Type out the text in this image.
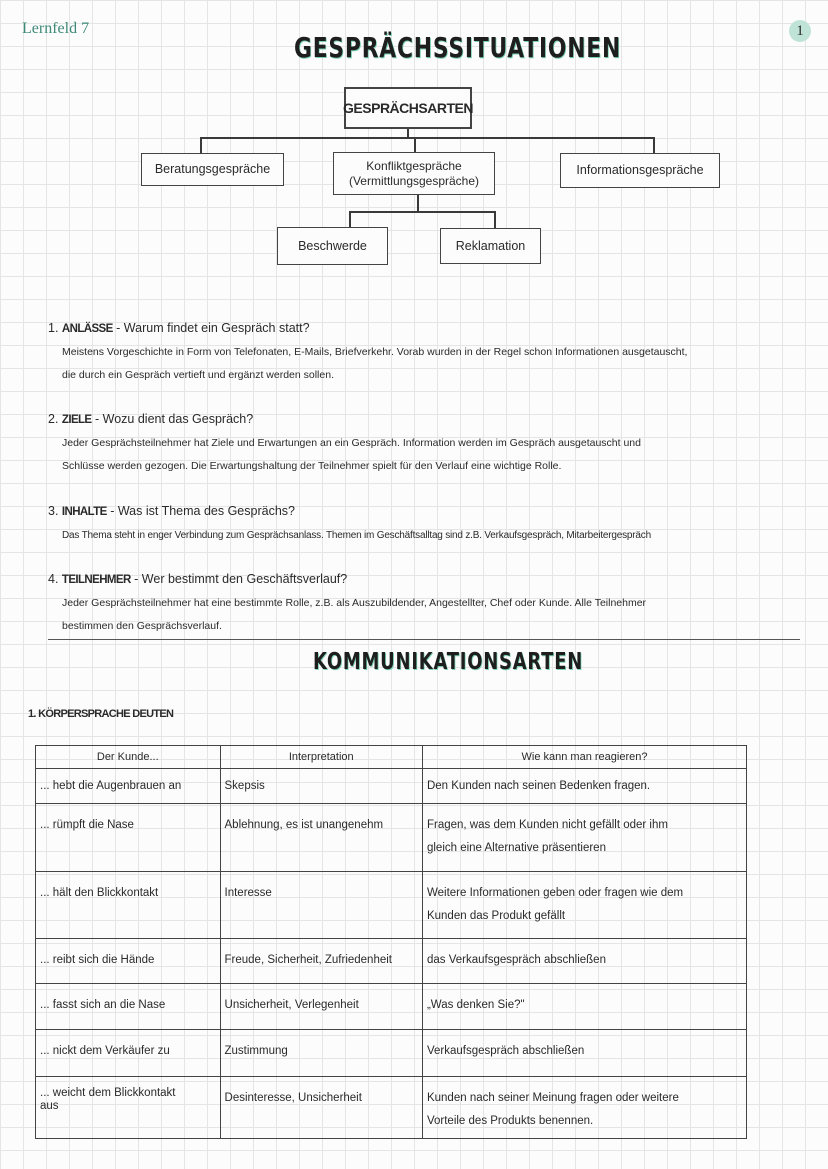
Lernfeld 7	1
GESPRÄCHSSITUATIONEN
GESPRÄCHSARTEN
Beratungsgespräche	Konfliktgespräche
(Vermittlungsgespräche)
Informationsgespräche
Beschwerde	Reklamation
1. ANLÄSSE - Warum findet ein Gespräch statt?
Meistens Vorgeschichte in Form von Telefonaten, E-Mails, Briefverkehr. Vorab wurden in der Regel schon Informationen ausgetauscht,
die durch ein Gespräch vertieft und ergänzt werden sollen.
2. ZIELE - Wozu dient das Gespräch?
Jeder Gesprächsteilnehmer hat Ziele und Erwartungen an ein Gespräch. Information werden im Gespräch ausgetauscht und
Schlüsse werden gezogen. Die Erwartungshaltung der Teilnehmer spielt für den Verlauf eine wichtige Rolle.
3. INHALTE - Was ist Thema des Gesprächs?
Das Thema steht in enger Verbindung zum Gesprächsanlass. Themen im Geschäftsalltag sind z.B. Verkaufsgespräch, Mitarbeitergespräch
4. TEILNEHMER - Wer bestimmt den Geschäftsverlauf?
Jeder Gesprächsteilnehmer hat eine bestimmte Rolle, z.B. als Auszubildender, Angestellter, Chef oder Kunde. Alle Teilnehmer
bestimmen den Gesprächsverlauf.
KOMMUNIKATIONSARTEN
1. KÖRPERSPRACHE DEUTEN
Der Kunde...	Interpretation	Wie kann man reagieren?

... hebt die Augenbrauen an	Skepsis	Den Kunden nach seinen Bedenken fragen.

... rümpft die Nase	Ablehnung, es ist unangenehm	Fragen, was dem Kunden nicht gefällt oder ihm
gleich eine Alternative präsentieren

... hält den Blickkontakt	Interesse	Weitere Informationen geben oder fragen wie dem
Kunden das Produkt gefällt

... reibt sich die Hände	Freude, Sicherheit, Zufriedenheit	das Verkaufsgespräch abschließen

... fasst sich an die Nase	Unsicherheit, Verlegenheit	„Was denken Sie?"

... nickt dem Verkäufer zu	Zustimmung	Verkaufsgespräch abschließen

... weicht dem Blickkontakt
aus	Desinteresse, Unsicherheit	Kunden nach seiner Meinung fragen oder weitere
Vorteile des Produkts benennen.
